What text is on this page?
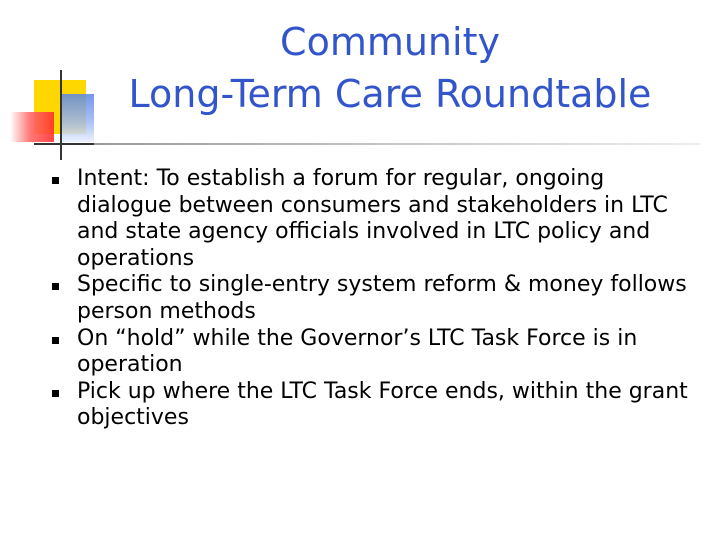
Community
Long-Term Care Roundtable
Intent: To establish a forum for regular, ongoing dialogue between consumers and stakeholders in LTC and state agency officials involved in LTC policy and operations
Specific to single-entry system reform & money follows person methods
On “hold” while the Governor’s LTC Task Force is in operation
Pick up where the LTC Task Force ends, within the grant objectives
